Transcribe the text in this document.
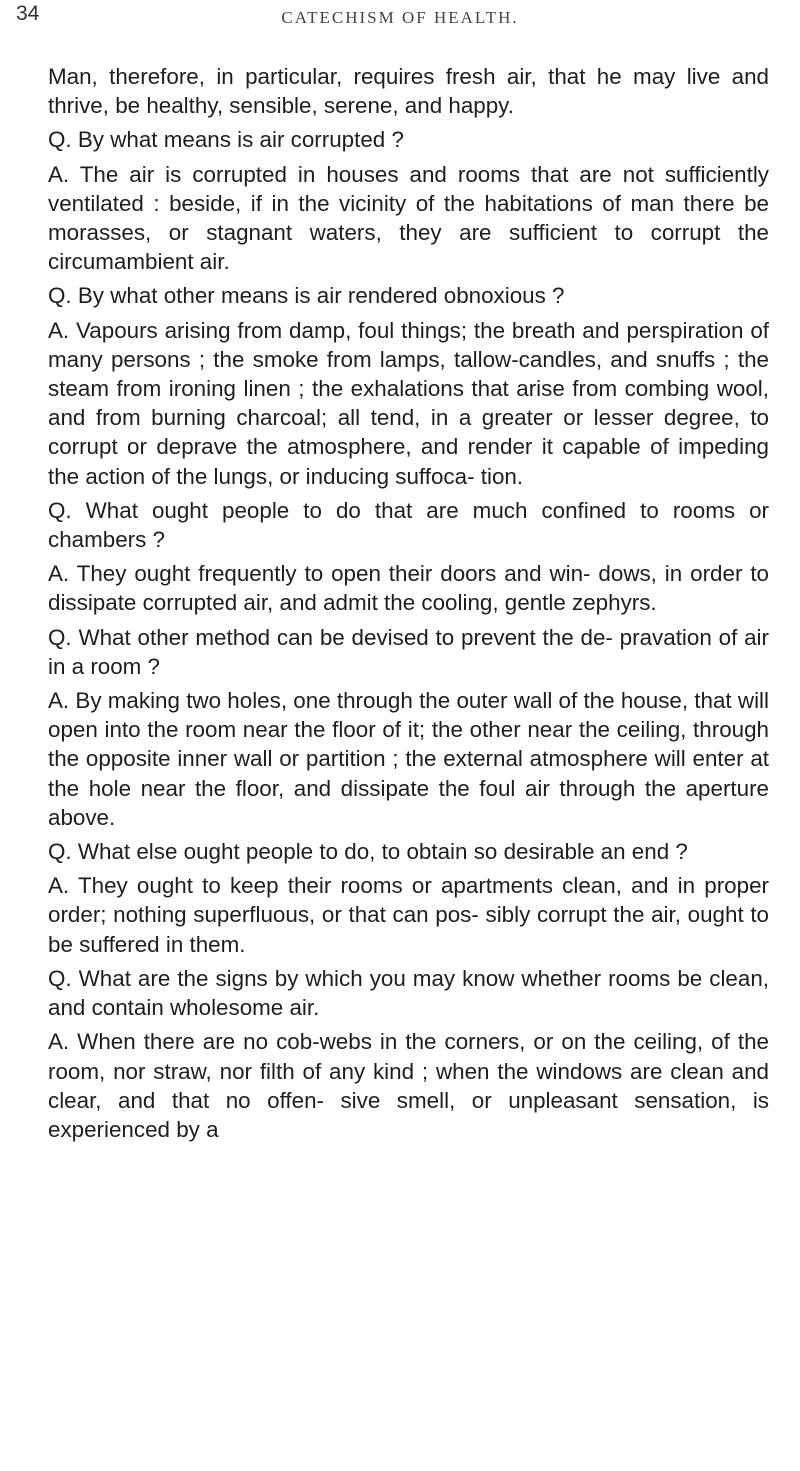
34	CATECHISM OF HEALTH.

Man, therefore, in particular, requires fresh air, that he may live and thrive, be healthy, sensible, serene, and happy.

Q. By what means is air corrupted ?

A. The air is corrupted in houses and rooms that are not sufficiently ventilated : beside, if in the vicinity of the habitations of man there be morasses, or stagnant waters, they are sufficient to corrupt the circumambient air.

Q. By what other means is air rendered obnoxious ?

A. Vapours arising from damp, foul things; the breath and perspiration of many persons ; the smoke from lamps, tallow-candles, and snuffs ; the steam from ironing linen ; the exhalations that arise from combing wool, and from burning charcoal; all tend, in a greater or lesser degree, to corrupt or deprave the atmosphere, and render it capable of impeding the action of the lungs, or inducing suffoca- tion.

Q. What ought people to do that are much confined to rooms or chambers ?

A. They ought frequently to open their doors and win- dows, in order to dissipate corrupted air, and admit the cooling, gentle zephyrs.

Q. What other method can be devised to prevent the de- pravation of air in a room ?

A. By making two holes, one through the outer wall of the house, that will open into the room near the floor of it; the other near the ceiling, through the opposite inner wall or partition ; the external atmosphere will enter at the hole near the floor, and dissipate the foul air through the aperture above.

Q. What else ought people to do, to obtain so desirable an end ?

A. They ought to keep their rooms or apartments clean, and in proper order; nothing superfluous, or that can pos- sibly corrupt the air, ought to be suffered in them.

Q. What are the signs by which you may know whether rooms be clean, and contain wholesome air.

A. When there are no cob-webs in the corners, or on the ceiling, of the room, nor straw, nor filth of any kind ; when the windows are clean and clear, and that no offen- sive smell, or unpleasant sensation, is experienced by a
